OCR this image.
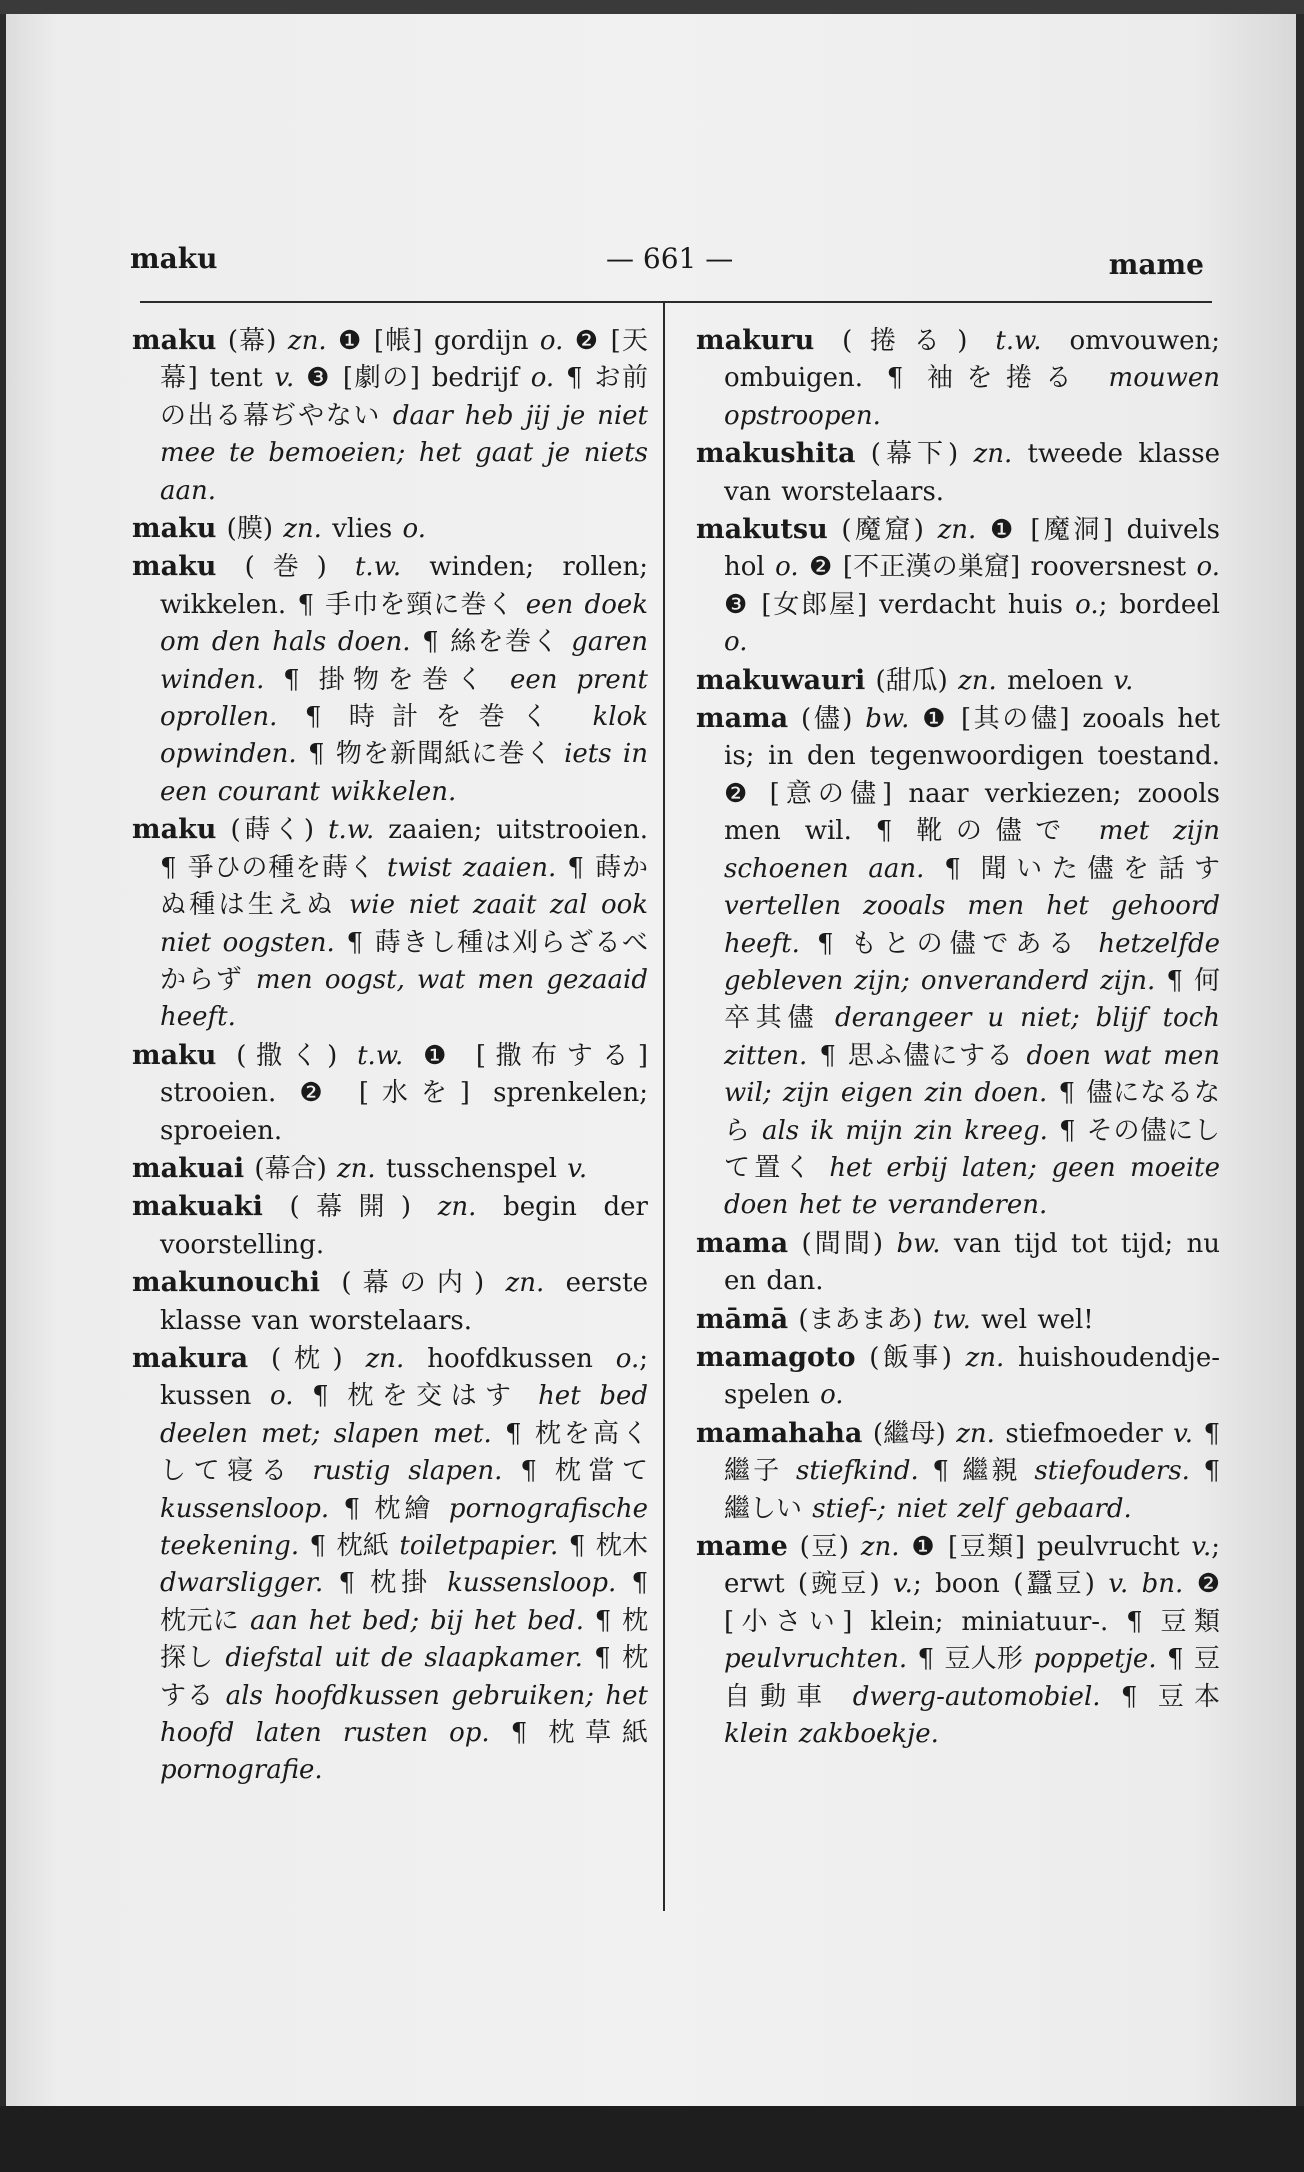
maku	— 661 —	mame

maku (幕) zn. ❶ [帳] gordijn o. ❷ [天幕] tent v. ❸ [劇の] bedrijf o. ¶ お前の出る幕ぢやない daar heb jij je niet mee te bemoeien; het gaat je niets aan.

maku (膜) zn. vlies o.

maku (巻) t.w. winden; rollen; wikkelen. ¶ 手巾を頸に巻く een doek om den hals doen. ¶ 絲を巻く garen winden. ¶ 掛物を巻く een prent oprollen. ¶ 時計を巻く klok opwinden. ¶ 物を新聞紙に巻く iets in een courant wikkelen.

maku (蒔く) t.w. zaaien; uitstrooien. ¶ 爭ひの種を蒔く twist zaaien. ¶ 蒔かぬ種は生えぬ wie niet zaait zal ook niet oogsten. ¶ 蒔きし種は刈らざるべからず men oogst, wat men gezaaid heeft.

maku (撒く) t.w. ❶ [撒布する] strooien. ❷ [水を] sprenkelen; sproeien.

makuai (幕合) zn. tusschenspel v.

makuaki (幕開) zn. begin der voorstelling.

makunouchi (幕の内) zn. eerste klasse van worstelaars.

makura (枕) zn. hoofdkussen o.; kussen o. ¶ 枕を交はす het bed deelen met; slapen met. ¶ 枕を高くして寝る rustig slapen. ¶ 枕當て kussensloop. ¶ 枕繪 pornografische teekening. ¶ 枕紙 toiletpapier. ¶ 枕木 dwarsligger. ¶ 枕掛 kussensloop. ¶ 枕元に aan het bed; bij het bed. ¶ 枕探し diefstal uit de slaapkamer. ¶ 枕する als hoofdkussen gebruiken; het hoofd laten rusten op. ¶ 枕草紙 pornografie.

makuru (捲る) t.w. omvouwen; ombuigen. ¶ 袖を捲る mouwen opstroopen.

makushita (幕下) zn. tweede klasse van worstelaars.

makutsu (魔窟) zn. ❶ [魔洞] duivels hol o. ❷ [不正漢の巣窟] rooversnest o. ❸ [女郎屋] verdacht huis o.; bordeel o.

makuwauri (甜瓜) zn. meloen v.

mama (儘) bw. ❶ [其の儘] zooals het is; in den tegenwoordigen toestand. ❷ [意の儘] naar verkiezen; zoools men wil. ¶ 靴の儘で met zijn schoenen aan. ¶ 聞いた儘を話す vertellen zooals men het gehoord heeft. ¶ もとの儘である hetzelfde gebleven zijn; onveranderd zijn. ¶ 何卒其儘 derangeer u niet; blijf toch zitten. ¶ 思ふ儘にする doen wat men wil; zijn eigen zin doen. ¶ 儘になるなら als ik mijn zin kreeg. ¶ その儘にして置く het erbij laten; geen moeite doen het te veranderen.

mama (間間) bw. van tijd tot tijd; nu en dan.

māmā (まあまあ) tw. wel wel!

mamagoto (飯事) zn. huishoudendje-spelen o.

mamahaha (繼母) zn. stiefmoeder v. ¶ 繼子 stiefkind. ¶ 繼親 stiefouders. ¶ 繼しい stief-; niet zelf gebaard.

mame (豆) zn. ❶ [豆類] peulvrucht v.; erwt (豌豆) v.; boon (蠶豆) v. bn. ❷ [小さい] klein; miniatuur-. ¶ 豆類 peulvruchten. ¶ 豆人形 poppetje. ¶ 豆自動車 dwerg-automobiel. ¶ 豆本 klein zakboekje.
